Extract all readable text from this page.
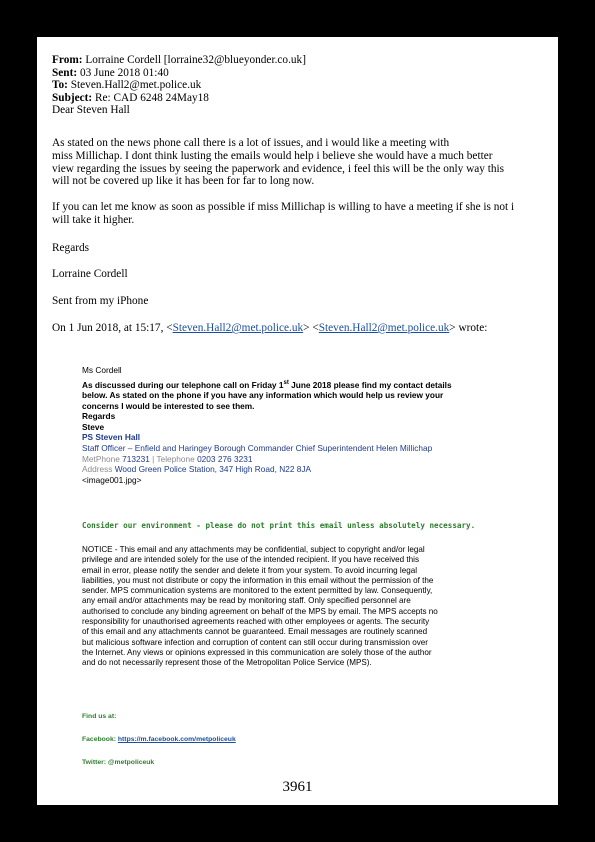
From: Lorraine Cordell [lorraine32@blueyonder.co.uk]
Sent: 03 June 2018 01:40
To: Steven.Hall2@met.police.uk
Subject: Re: CAD 6248 24May18
Dear Steven Hall

As stated on the news phone call there is a lot of issues, and i would like a meeting with

miss Millichap. I dont think lusting the emails would help i believe she would have a much better

view regarding the issues by seeing the paperwork and evidence, i feel this will be the only way this

will not be covered up like it has been for far to long now.

If you can let me know as soon as possible if miss Millichap is willing to have a meeting if she is not i

will take it higher.

Regards
Lorraine Cordell
Sent from my iPhone
On 1 Jun 2018, at 15:17, <Steven.Hall2@met.police.uk> <Steven.Hall2@met.police.uk> wrote:

Ms Cordell

As discussed during our telephone call on Friday 1st June 2018 please find my contact details

below. As stated on the phone if you have any information which would help us review your

concerns I would be interested to see them.

Regards

Steve

PS Steven Hall

Staff Officer – Enfield and Haringey Borough Commander Chief Superintendent Helen Millichap

MetPhone 713231 | Telephone 0203 276 3231

Address Wood Green Police Station, 347 High Road, N22 8JA

<image001.jpg>

Consider our environment - please do not print this email unless absolutely necessary.

NOTICE - This email and any attachments may be confidential, subject to copyright and/or legal
privilege and are intended solely for the use of the intended recipient. If you have received this
email in error, please notify the sender and delete it from your system. To avoid incurring legal
liabilities, you must not distribute or copy the information in this email without the permission of the
sender. MPS communication systems are monitored to the extent permitted by law. Consequently,
any email and/or attachments may be read by monitoring staff. Only specified personnel are
authorised to conclude any binding agreement on behalf of the MPS by email. The MPS accepts no
responsibility for unauthorised agreements reached with other employees or agents. The security
of this email and any attachments cannot be guaranteed. Email messages are routinely scanned
but malicious software infection and corruption of content can still occur during transmission over
the Internet. Any views or opinions expressed in this communication are solely those of the author
and do not necessarily represent those of the Metropolitan Police Service (MPS).

Find us at:

Facebook: https://m.facebook.com/metpoliceuk

Twitter: @metpoliceuk

3961
